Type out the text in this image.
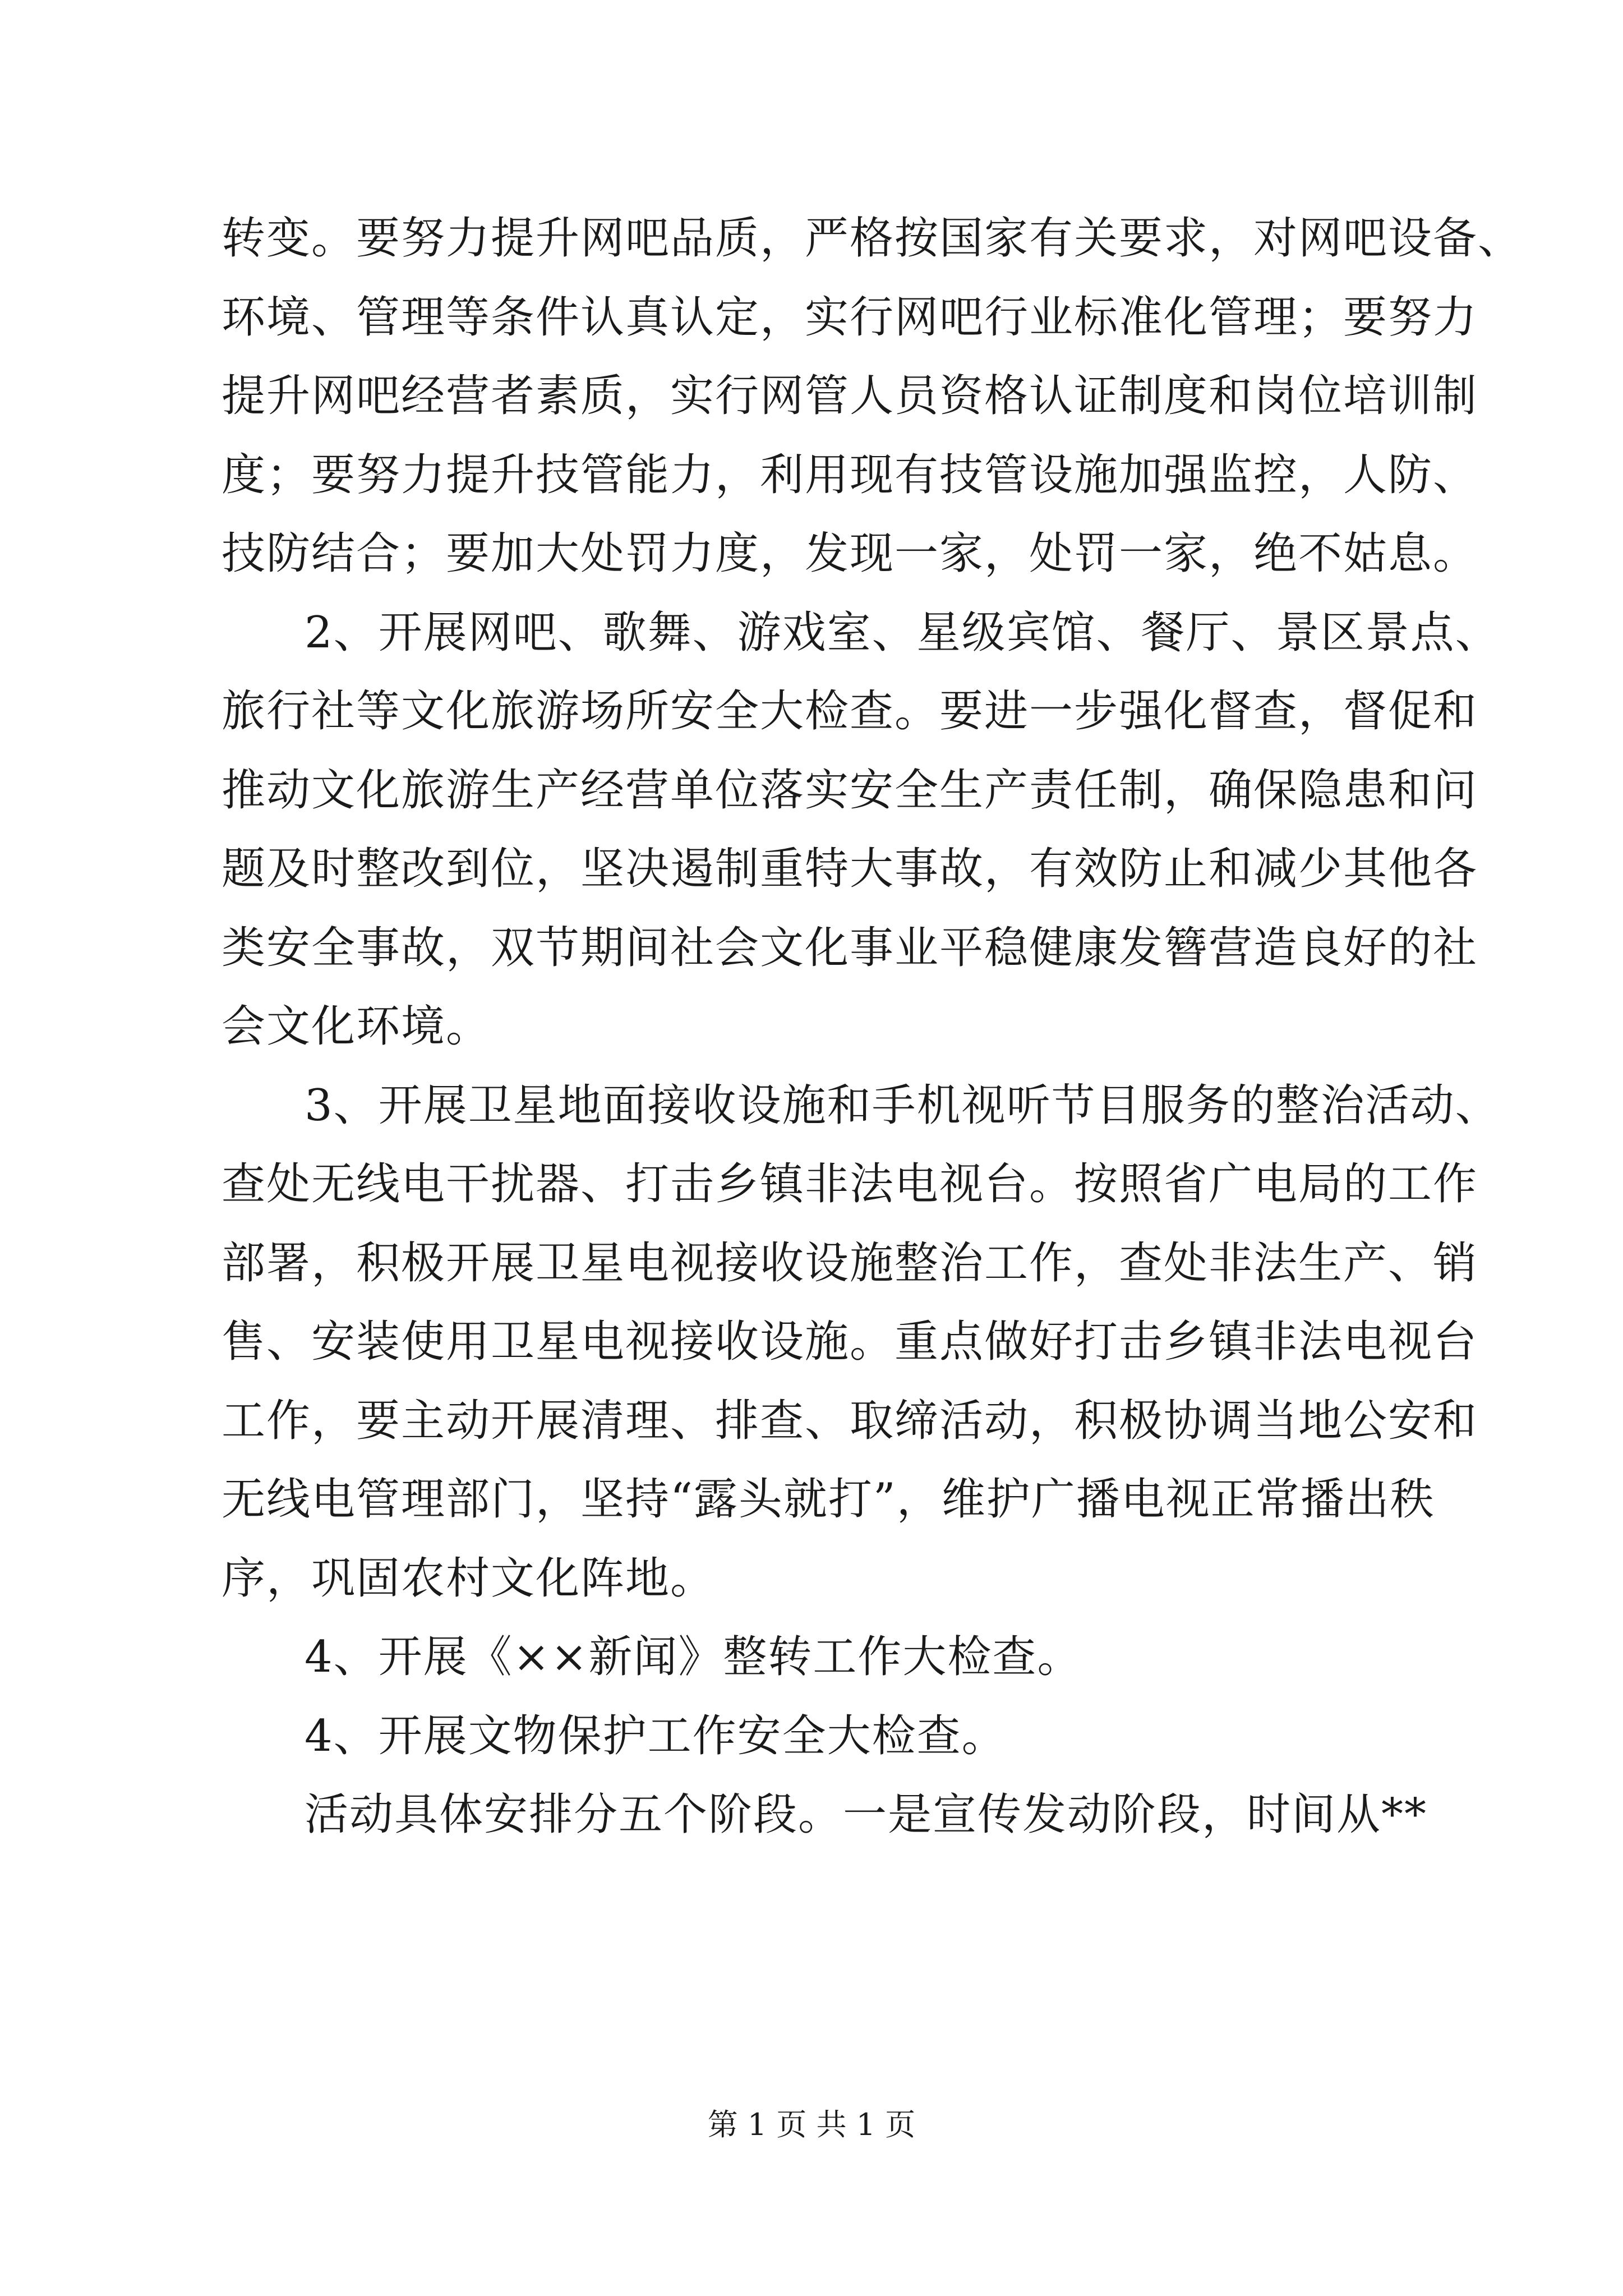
转变。要努力提升网吧品质，严格按国家有关要求，对网吧设备、
环境、管理等条件认真认定，实行网吧行业标准化管理；要努力
提升网吧经营者素质，实行网管人员资格认证制度和岗位培训制
度；要努力提升技管能力，利用现有技管设施加强监控，人防、
技防结合；要加大处罚力度，发现一家，处罚一家，绝不姑息。
2、开展网吧、歌舞、游戏室、星级宾馆、餐厅、景区景点、
旅行社等文化旅游场所安全大检查。要进一步强化督查，督促和
推动文化旅游生产经营单位落实安全生产责任制，确保隐患和问
题及时整改到位，坚决遏制重特大事故，有效防止和减少其他各
类安全事故，双节期间社会文化事业平稳健康发簪营造良好的社
会文化环境。
3、开展卫星地面接收设施和手机视听节目服务的整治活动、
查处无线电干扰器、打击乡镇非法电视台。按照省广电局的工作
部署，积极开展卫星电视接收设施整治工作，查处非法生产、销
售、安装使用卫星电视接收设施。重点做好打击乡镇非法电视台
工作，要主动开展清理、排查、取缔活动，积极协调当地公安和
无线电管理部门，坚持“露头就打”，维护广播电视正常播出秩
序，巩固农村文化阵地。
4、开展《××新闻》整转工作大检查。
4、开展文物保护工作安全大检查。
活动具体安排分五个阶段。一是宣传发动阶段，时间从**
第 1 页 共 1 页
